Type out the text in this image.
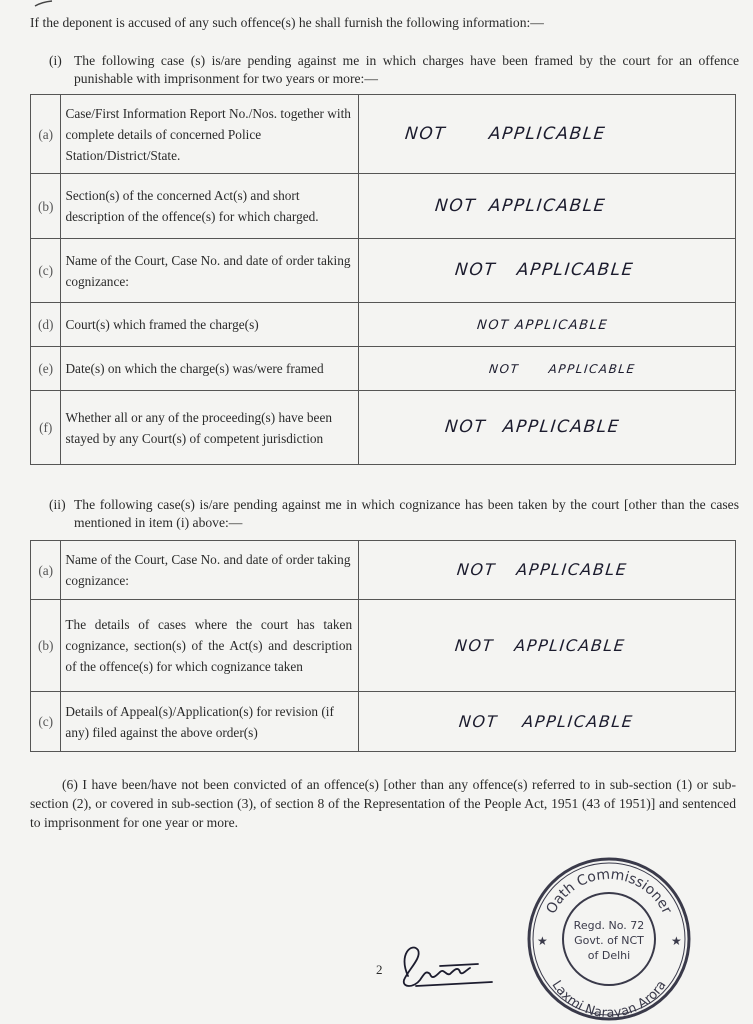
If the deponent is accused of any such offence(s) he shall furnish the following information:—
(i) The following case (s) is/are pending against me in which charges have been framed by the court for an offence punishable with imprisonment for two years or more:—
(a)	Case/First Information Report No./Nos. together with complete details of concerned Police Station/District/State.	NOT APPLICABLE
(b)	Section(s) of the concerned Act(s) and short description of the offence(s) for which charged.	NOT APPLICABLE
(c)	Name of the Court, Case No. and date of order taking cognizance:	NOT APPLICABLE
(d)	Court(s) which framed the charge(s)	NOT APPLICABLE
(e)	Date(s) on which the charge(s) was/were framed	NOT APPLICABLE
(f)	Whether all or any of the proceeding(s) have been stayed by any Court(s) of competent jurisdiction	NOT APPLICABLE
(ii) The following case(s) is/are pending against me in which cognizance has been taken by the court [other than the cases mentioned in item (i) above:—
(a)	Name of the Court, Case No. and date of order taking cognizance:	NOT APPLICABLE
(b)	The details of cases where the court has taken cognizance, section(s) of the Act(s) and description of the offence(s) for which cognizance taken	NOT APPLICABLE
(c)	Details of Appeal(s)/Application(s) for revision (if any) filed against the above order(s)	NOT APPLICABLE
(6) I have been/have not been convicted of an offence(s) [other than any offence(s) referred to in sub-section (1) or sub-section (2), or covered in sub-section (3), of section 8 of the Representation of the People Act, 1951 (43 of 1951)] and sentenced to imprisonment for one year or more.
2
Oath Commissioner
Laxmi Narayan Arora
★	★
Regd. No. 72
Govt. of NCT
of Delhi
